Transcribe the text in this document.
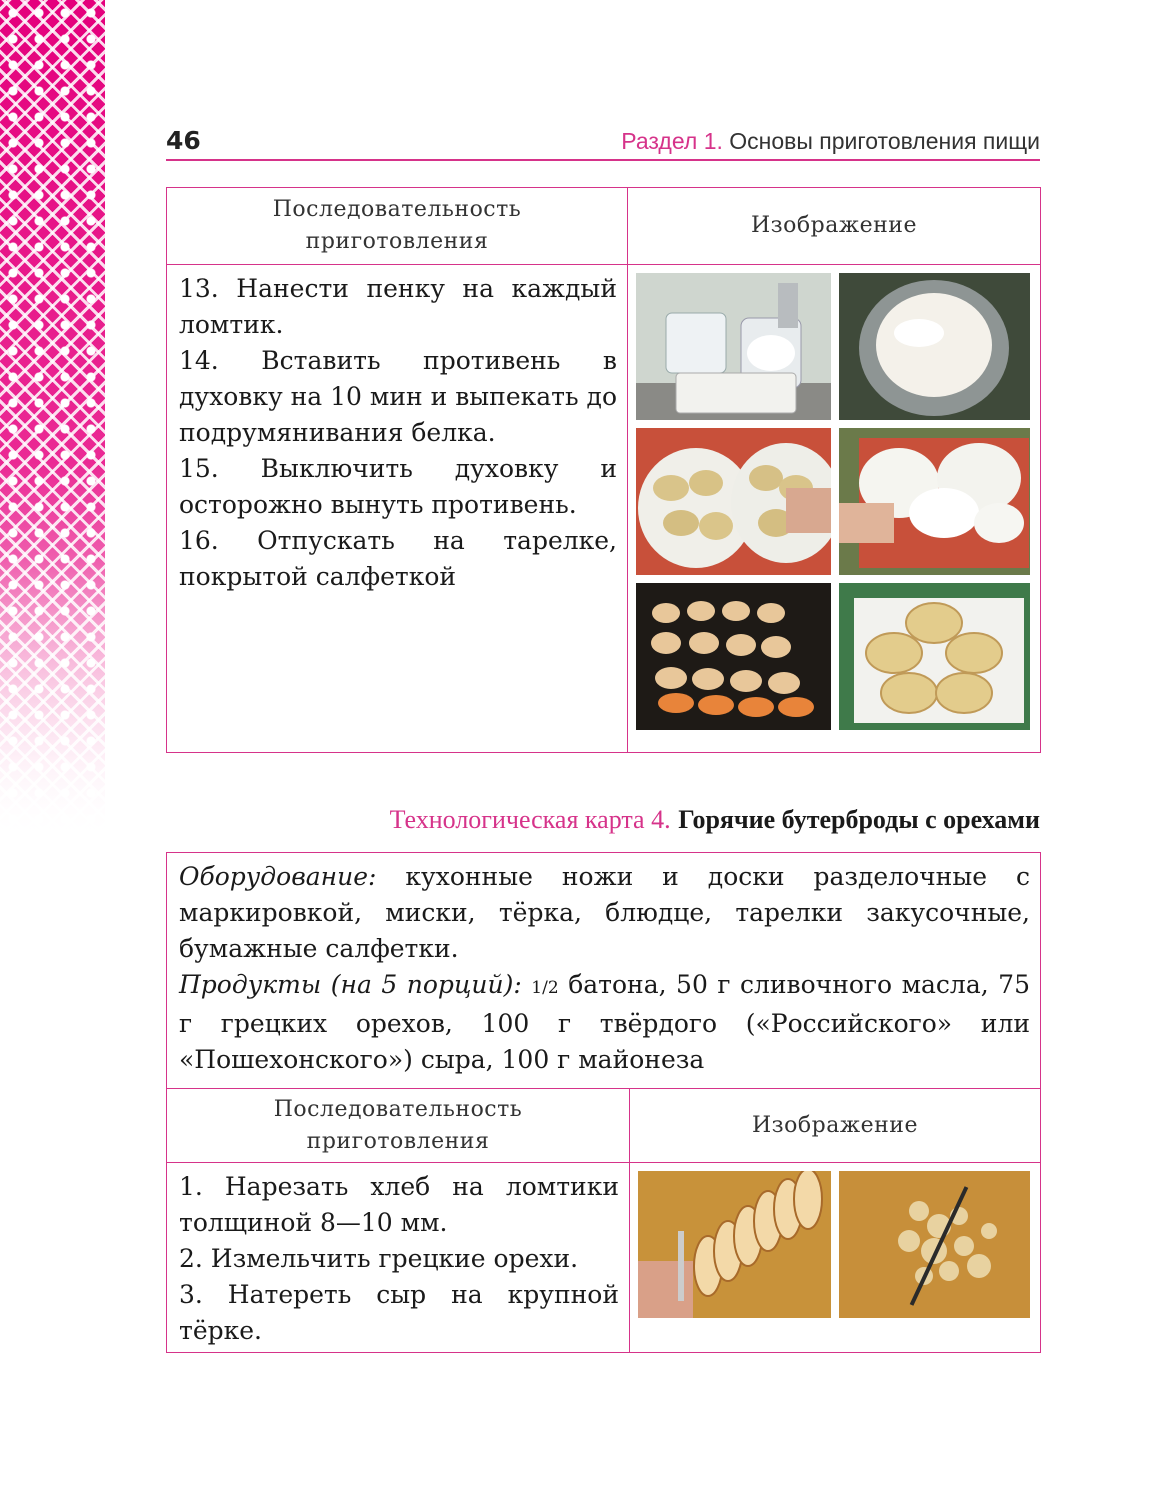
46	Раздел 1. Основы приготовления пищи
Последовательность приготовления	Изображение

13. Нанести пенку на каждый ломтик.

14. Вставить противень в духовку на 10 мин и выпекать до подрумянивания белка.

15. Выключить духовку и осторожно вынуть противень.

16. Отпускать на тарелке, покрытой салфеткой

Технологическая карта 4. Горячие бутерброды с орехами

Оборудование: кухонные ножи и доски разделочные с маркировкой, миски, тёрка, блюдце, тарелки закусочные, бумажные салфетки.

Продукты (на 5 порций): 1/2 батона, 50 г сливочного масла, 75 г грецких орехов, 100 г твёрдого («Российского» или «Пошехонского») сыра, 100 г майонеза	

Последовательность приготовления	Изображение

1. Нарезать хлеб на ломтики толщиной 8—10 мм.

2. Измельчить грецкие орехи.

3. Натереть сыр на крупной тёрке.
